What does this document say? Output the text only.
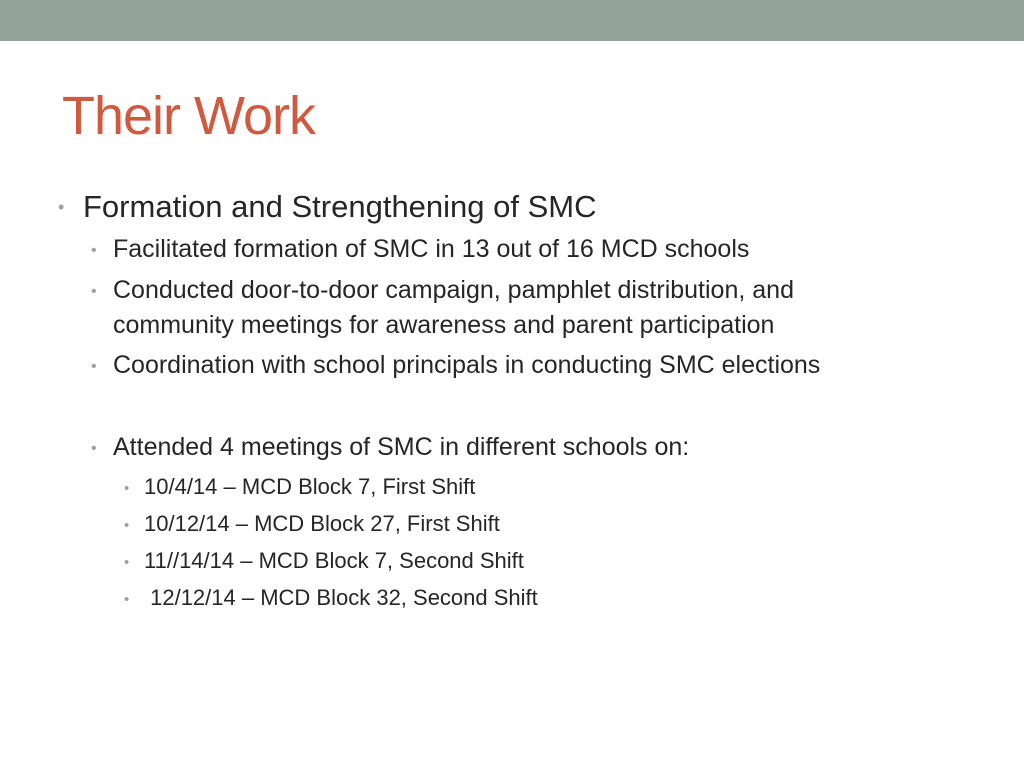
Their Work
• Formation and Strengthening of SMC
• Facilitated formation of SMC in 13 out of 16 MCD schools
• Conducted door-to-door campaign, pamphlet distribution, and
community meetings for awareness and parent participation
• Coordination with school principals in conducting SMC elections
• Attended 4 meetings of SMC in different schools on:
• 10/4/14 – MCD Block 7, First Shift
• 10/12/14 – MCD Block 27, First Shift
• 11//14/14 – MCD Block 7, Second Shift
• 12/12/14 – MCD Block 32, Second Shift
